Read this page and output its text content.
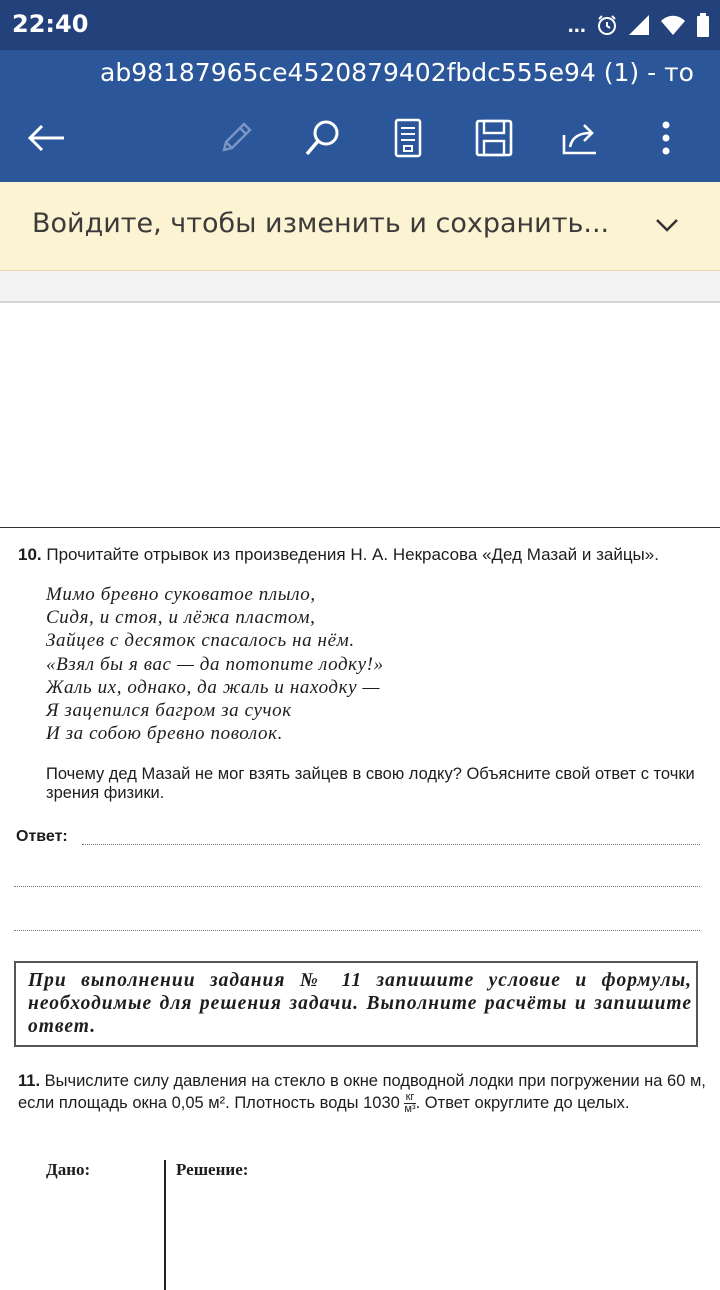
22:40	...
ab98187965ce4520879402fbdc555e94 (1) - то
Войдите, чтобы изменить и сохранить...
10. Прочитайте отрывок из произведения Н. А. Некрасова «Дед Мазай и зайцы».
Мимо бревно суковатое плыло,
Сидя, и стоя, и лёжа пластом,
Зайцев с десяток спасалось на нём.
«Взял бы я вас — да потопите лодку!»
Жаль их, однако, да жаль и находку —
Я зацепился багром за сучок
И за собою бревно поволок.
Почему дед Мазай не мог взять зайцев в свою лодку? Объясните свой ответ с точки зрения физики.
Ответ:
При выполнении задания № 11 запишите условие и формулы, необходимые для решения задачи. Выполните расчёты и запишите ответ.
11. Вычислите силу давления на стекло в окне подводной лодки при погружении на 60 м, если площадь окна 0,05 м². Плотность воды $1030 \frac{кг}{\text{м³}}$ . Ответ округлите до целых.
Дано:	Решение:
